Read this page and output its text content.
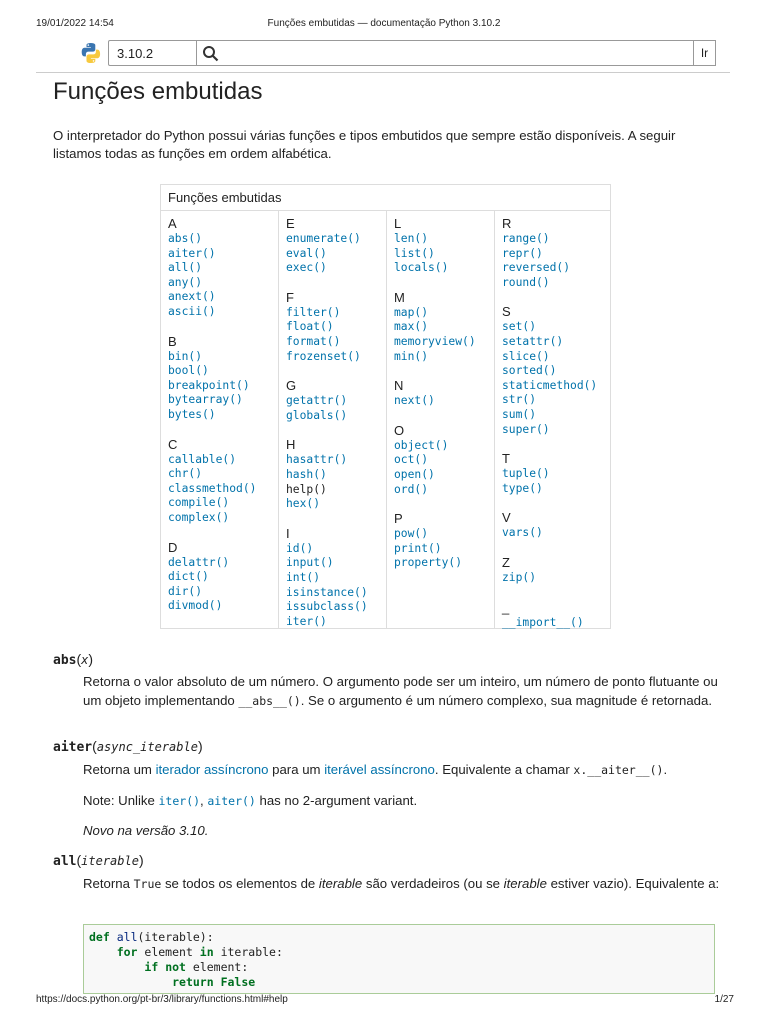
19/01/2022 14:54	Funções embutidas — documentação Python 3.10.2
3.10.2	Ir
Funções embutidas

O interpretador do Python possui várias funções e tipos embutidos que sempre estão disponíveis. A seguir listamos todas as funções em ordem alfabética.

Funções embutidas
A
abs()
aiter()
all()
any()
anext()
ascii()
B
bin()
bool()
breakpoint()
bytearray()
bytes()
C
callable()
chr()
classmethod()
compile()
complex()
D
delattr()
dict()
dir()
divmod()
E
enumerate()
eval()
exec()
F
filter()
float()
format()
frozenset()
G
getattr()
globals()
H
hasattr()
hash()
help()
hex()
I
id()
input()
int()
isinstance()
issubclass()
iter()
L
len()
list()
locals()
M
map()
max()
memoryview()
min()
N
next()
O
object()
oct()
open()
ord()
P
pow()
print()
property()
R
range()
repr()
reversed()
round()
S
set()
setattr()
slice()
sorted()
staticmethod()
str()
sum()
super()
T
tuple()
type()
V
vars()
Z
zip()
_
__import__()
abs(x)

Retorna o valor absoluto de um número. O argumento pode ser um inteiro, um número de ponto flutuante ou um objeto implementando __abs__(). Se o argumento é um número complexo, sua magnitude é retornada.

aiter(async_iterable)

Retorna um iterador assíncrono para um iterável assíncrono. Equivalente a chamar x.__aiter__().

Note: Unlike iter(), aiter() has no 2-argument variant.

Novo na versão 3.10.

all(iterable)

Retorna True se todos os elementos de iterable são verdadeiros (ou se iterable estiver vazio). Equivalente a:

def all(iterable):
for element in iterable:
if not element:
return False
https://docs.python.org/pt-br/3/library/functions.html#help	1/27
